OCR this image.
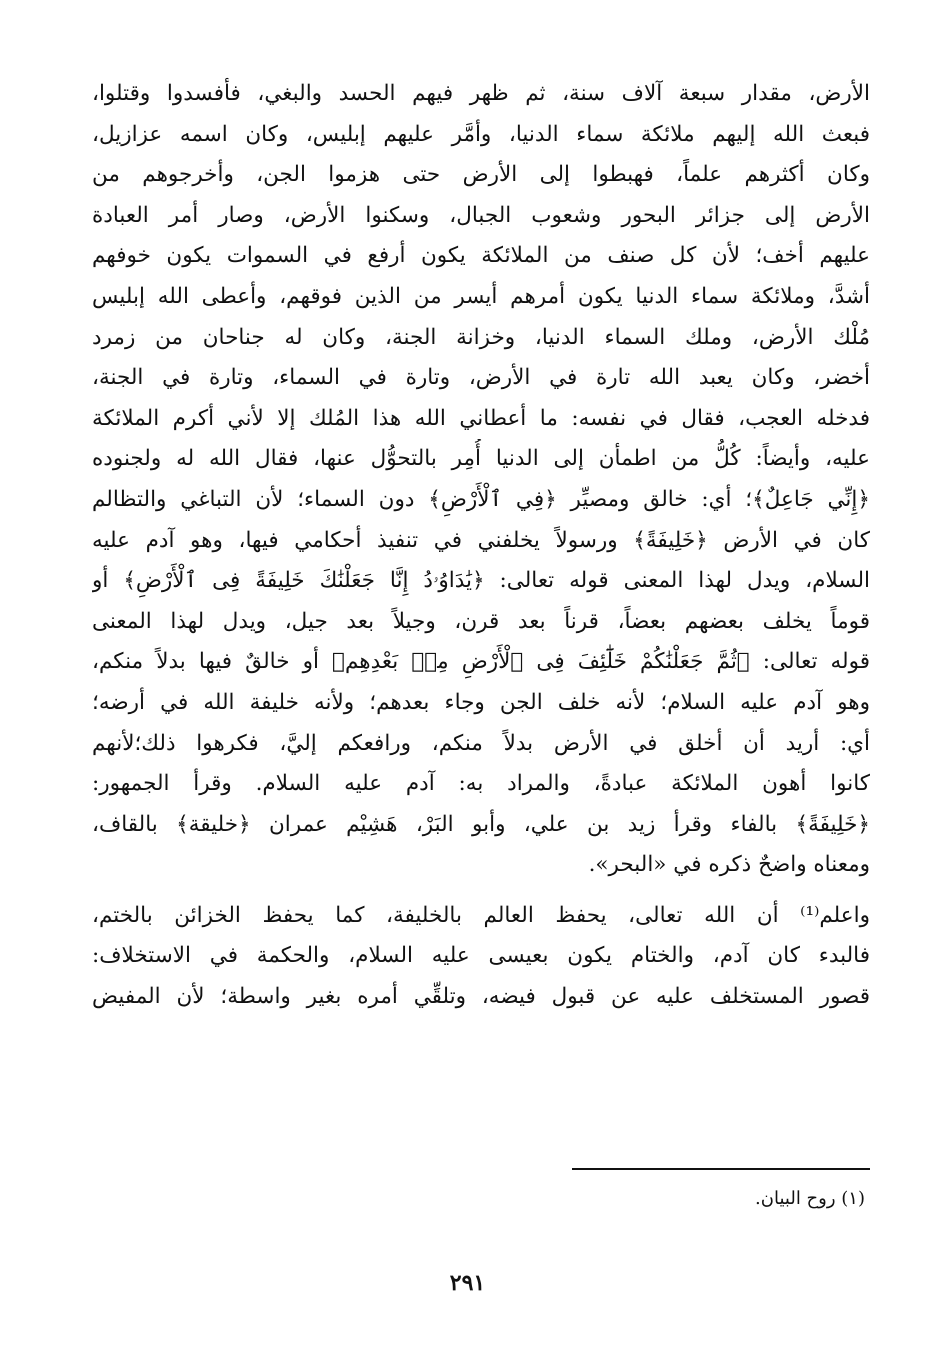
الأرض، مقدار سبعة آلاف سنة، ثم ظهر فيهم الحسد والبغي، فأفسدوا وقتلوا،
فبعث الله إليهم ملائكة سماء الدنيا، وأمَّر عليهم إبليس، وكان اسمه عزازيل،
وكان أكثرهم علماً، فهبطوا إلى الأرض حتى هزموا الجن، وأخرجوهم من
الأرض إلى جزائر البحور وشعوب الجبال، وسكنوا الأرض، وصار أمر العبادة
عليهم أخف؛ لأن كل صنف من الملائكة يكون أرفع في السموات يكون خوفهم
أشدَّ، وملائكة سماء الدنيا يكون أمرهم أيسر من الذين فوقهم، وأعطى الله إبليس
مُلْك الأرض، وملك السماء الدنيا، وخزانة الجنة، وكان له جناحان من زمرد
أخضر، وكان يعبد الله تارة في الأرض، وتارة في السماء، وتارة في الجنة،
فدخله العجب، فقال في نفسه: ما أعطاني الله هذا المُلك إلا لأني أكرم الملائكة
عليه، وأيضاً: كُلُّ من اطمأن إلى الدنيا أُمِر بالتحوُّل عنها، فقال الله له ولجنوده
﴿إِنِّي جَاعِلٌ﴾؛ أي: خالق ومصيِّر ﴿فِي ٱلْأَرْضِ﴾ دون السماء؛ لأن التباغي والتظالم
كان في الأرض ﴿خَلِيفَةً﴾ ورسولاً يخلفني في تنفيذ أحكامي فيها، وهو آدم عليه
السلام، ويدل لهذا المعنى قوله تعالى: ﴿يَٰدَاوُۥدُ إِنَّا جَعَلْنَٰكَ خَلِيفَةً فِى ٱلْأَرْضِ﴾ أو
قوماً يخلف بعضهم بعضاً، قرناً بعد قرن، وجيلاً بعد جيل، ويدل لهذا المعنى
قوله تعالى: ﴿ثُمَّ جَعَلْنَٰكُمْ خَلَٰٓئِفَ فِى ٱلْأَرْضِ مِنۢ بَعْدِهِم﴾ أو خالقٌ فيها بدلاً منكم،
وهو آدم عليه السلام؛ لأنه خلف الجن وجاء بعدهم؛ ولأنه خليفة الله في أرضه؛
أي: أريد أن أخلق في الأرض بدلاً منكم، ورافعكم إليَّ، فكرهوا ذلك؛لأنهم
كانوا أهون الملائكة عبادةً، والمراد به: آدم عليه السلام. وقرأ الجمهور:
﴿خَلِيفَةً﴾ بالفاء وقرأ زيد بن علي، وأبو البَرْ، هَشِيْم عمران ﴿خليقة﴾ بالقاف،
ومعناه واضحٌ ذكره في «البحر».
واعلم⁽¹⁾ أن الله تعالى، يحفظ العالم بالخليفة، كما يحفظ الخزائن بالختم،
فالبدء كان آدم، والختام يكون بعيسى عليه السلام، والحكمة في الاستخلاف:
قصور المستخلف عليه عن قبول فيضه، وتلقِّي أمره بغير واسطة؛ لأن المفيض
(١) روح البيان.
٢٩١
